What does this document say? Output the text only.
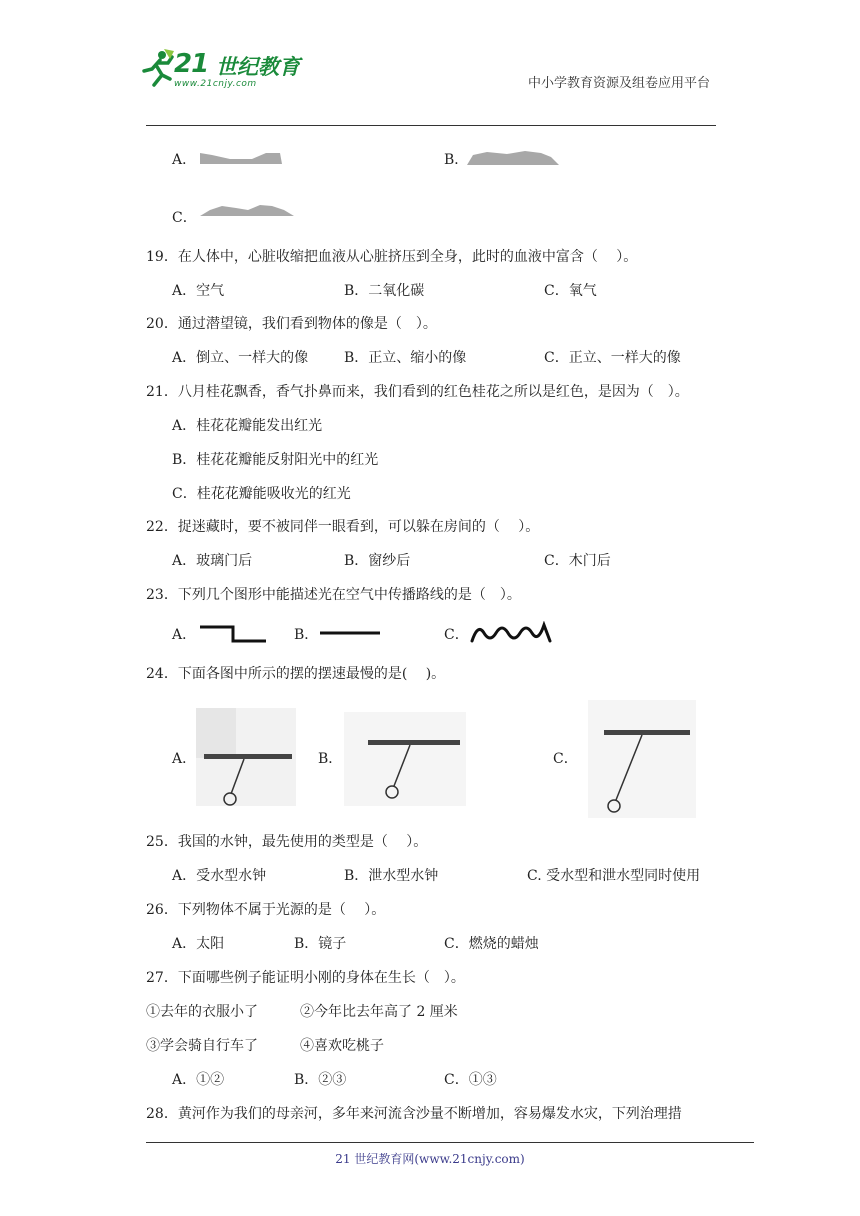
21 世纪教育
www.21cnjy.com	中小学教育资源及组卷应用平台
A．	B．
C．
19．在人体中，心脏收缩把血液从心脏挤压到全身，此时的血液中富含（　 ）。
A．空气	B．二氧化碳	C．氧气
20．通过潜望镜，我们看到物体的像是（　）。
A．倒立、一样大的像	B．正立、缩小的像	C．正立、一样大的像
21．八月桂花飘香，香气扑鼻而来，我们看到的红色桂花之所以是红色，是因为（　）。
A．桂花花瓣能发出红光
B．桂花花瓣能反射阳光中的红光
C．桂花花瓣能吸收光的红光
22．捉迷藏时，要不被同伴一眼看到，可以躲在房间的（　 ）。
A．玻璃门后	B．窗纱后	C．木门后
23．下列几个图形中能描述光在空气中传播路线的是（　）。
A．	B．	C．
24．下面各图中所示的摆的摆速最慢的是(　 )。
A．	B．	C．
25．我国的水钟，最先使用的类型是（　 ）。
A．受水型水钟	B．泄水型水钟	C. 受水型和泄水型同时使用
26．下列物体不属于光源的是（　 ）。
A．太阳	B．镜子	C．燃烧的蜡烛
27．下面哪些例子能证明小刚的身体在生长（　）。
①去年的衣服小了	②今年比去年高了 2 厘米
③学会骑自行车了	④喜欢吃桃子
A．①②	B．②③	C．①③
28．黄河作为我们的母亲河，多年来河流含沙量不断增加，容易爆发水灾，下列治理措
21 世纪教育网(www.21cnjy.com)
